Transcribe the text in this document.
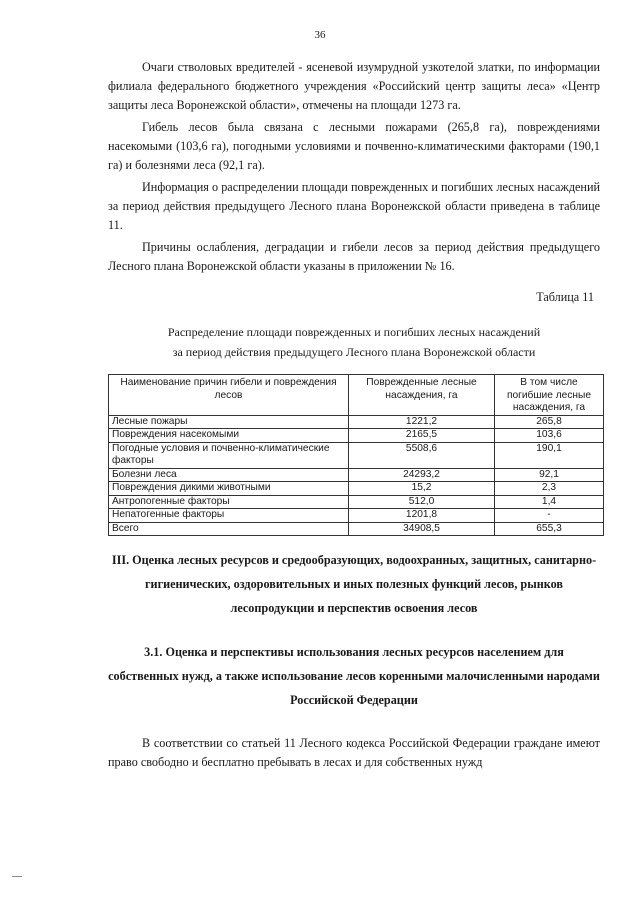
36

Очаги стволовых вредителей - ясеневой изумрудной узкотелой златки, по информации филиала федерального бюджетного учреждения «Российский центр защиты леса» «Центр защиты леса Воронежской области», отмечены на площади 1273 га.

Гибель лесов была связана с лесными пожарами (265,8 га), повреждениями насекомыми (103,6 га), погодными условиями и почвенно-климатическими факторами (190,1 га) и болезнями леса (92,1 га).

Информация о распределении площади поврежденных и погибших лесных насаждений за период действия предыдущего Лесного плана Воронежской области приведена в таблице 11.

Причины ослабления, деградации и гибели лесов за период действия предыдущего Лесного плана Воронежской области указаны в приложении № 16.

Таблица 11
Распределение площади поврежденных и погибших лесных насаждений
за период действия предыдущего Лесного плана Воронежской области
Наименование причин гибели и повреждения лесов	Поврежденные лесные насаждения, га	В том числе погибшие лесные насаждения, га
Лесные пожары	1221,2	265,8
Повреждения насекомыми	2165,5	103,6
Погодные условия и почвенно-климатические факторы	5508,6	190,1
Болезни леса	24293,2	92,1
Повреждения дикими животными	15,2	2,3
Антропогенные факторы	512,0	1,4
Непатогенные факторы	1201,8	-
Всего	34908,5	655,3
III. Оценка лесных ресурсов и средообразующих, водоохранных, защитных, санитарно-гигиенических, оздоровительных и иных полезных функций лесов, рынков лесопродукции и перспектив освоения лесов
3.1. Оценка и перспективы использования лесных ресурсов населением для собственных нужд, а также использование лесов коренными малочисленными народами Российской Федерации

В соответствии со статьей 11 Лесного кодекса Российской Федерации граждане имеют право свободно и бесплатно пребывать в лесах и для собственных нужд
